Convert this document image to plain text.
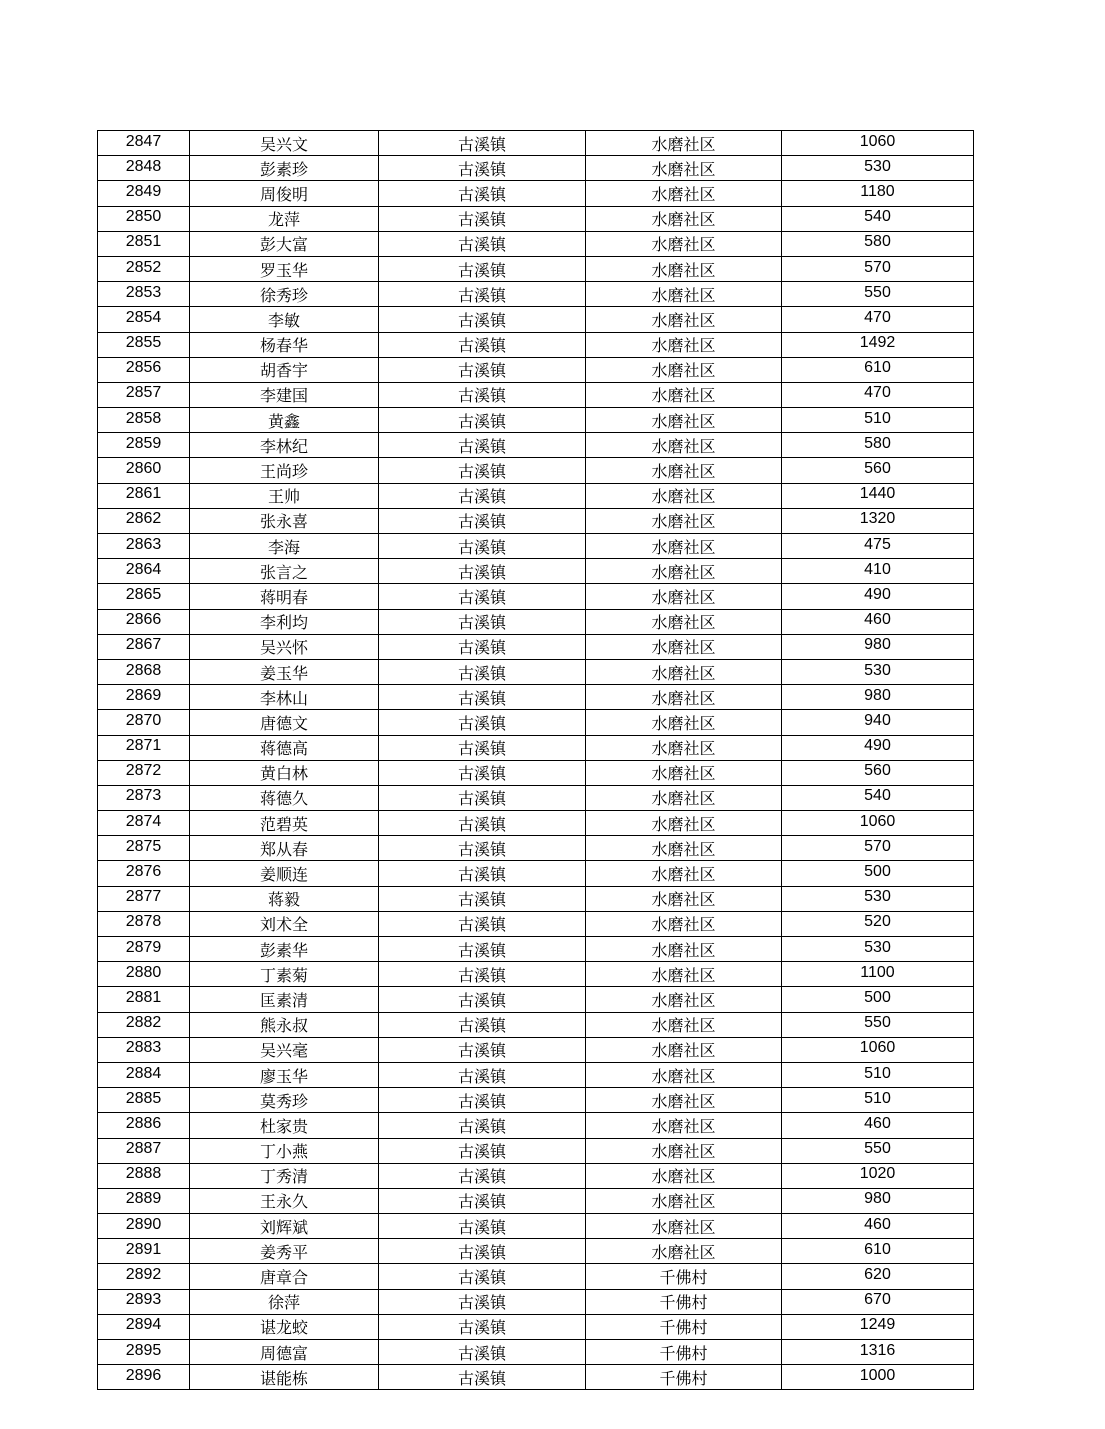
2847	吴兴文	古溪镇	水磨社区	1060
2848	彭素珍	古溪镇	水磨社区	530
2849	周俊明	古溪镇	水磨社区	1180
2850	龙萍	古溪镇	水磨社区	540
2851	彭大富	古溪镇	水磨社区	580
2852	罗玉华	古溪镇	水磨社区	570
2853	徐秀珍	古溪镇	水磨社区	550
2854	李敏	古溪镇	水磨社区	470
2855	杨春华	古溪镇	水磨社区	1492
2856	胡香宇	古溪镇	水磨社区	610
2857	李建国	古溪镇	水磨社区	470
2858	黄鑫	古溪镇	水磨社区	510
2859	李林纪	古溪镇	水磨社区	580
2860	王尚珍	古溪镇	水磨社区	560
2861	王帅	古溪镇	水磨社区	1440
2862	张永喜	古溪镇	水磨社区	1320
2863	李海	古溪镇	水磨社区	475
2864	张言之	古溪镇	水磨社区	410
2865	蒋明春	古溪镇	水磨社区	490
2866	李利均	古溪镇	水磨社区	460
2867	吴兴怀	古溪镇	水磨社区	980
2868	姜玉华	古溪镇	水磨社区	530
2869	李林山	古溪镇	水磨社区	980
2870	唐德文	古溪镇	水磨社区	940
2871	蒋德高	古溪镇	水磨社区	490
2872	黄白林	古溪镇	水磨社区	560
2873	蒋德久	古溪镇	水磨社区	540
2874	范碧英	古溪镇	水磨社区	1060
2875	郑从春	古溪镇	水磨社区	570
2876	姜顺连	古溪镇	水磨社区	500
2877	蒋毅	古溪镇	水磨社区	530
2878	刘术全	古溪镇	水磨社区	520
2879	彭素华	古溪镇	水磨社区	530
2880	丁素菊	古溪镇	水磨社区	1100
2881	匡素清	古溪镇	水磨社区	500
2882	熊永叔	古溪镇	水磨社区	550
2883	吴兴毫	古溪镇	水磨社区	1060
2884	廖玉华	古溪镇	水磨社区	510
2885	莫秀珍	古溪镇	水磨社区	510
2886	杜家贵	古溪镇	水磨社区	460
2887	丁小燕	古溪镇	水磨社区	550
2888	丁秀清	古溪镇	水磨社区	1020
2889	王永久	古溪镇	水磨社区	980
2890	刘辉斌	古溪镇	水磨社区	460
2891	姜秀平	古溪镇	水磨社区	610
2892	唐章合	古溪镇	千佛村	620
2893	徐萍	古溪镇	千佛村	670
2894	谌龙蛟	古溪镇	千佛村	1249
2895	周德富	古溪镇	千佛村	1316
2896	谌能栋	古溪镇	千佛村	1000
